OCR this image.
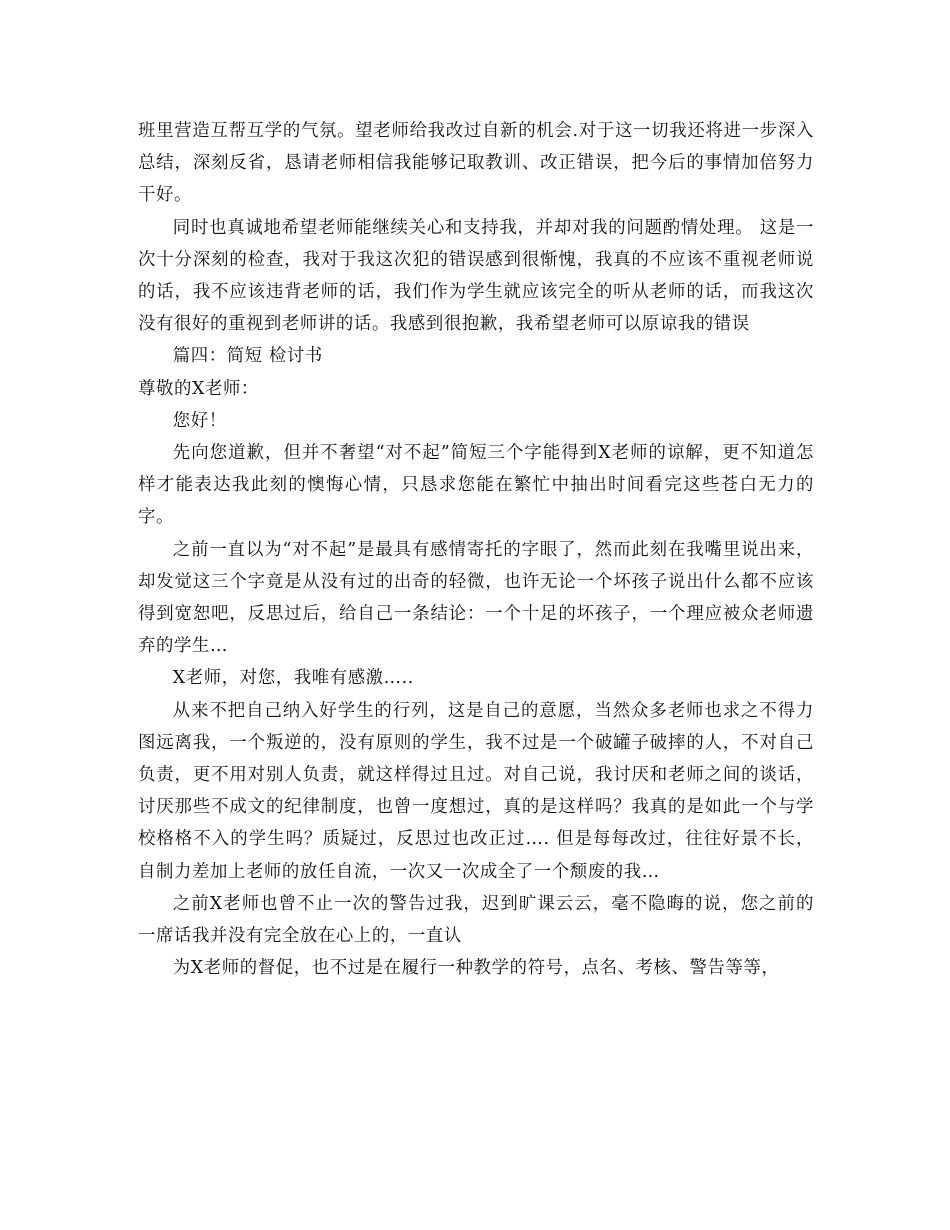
班里营造互帮互学的气氛。望老师给我改过自新的机会.对于这一切我还将进一步深入总结，深刻反省，恳请老师相信我能够记取教训、改正错误，把今后的事情加倍努力干好。

同时也真诚地希望老师能继续关心和支持我，并却对我的问题酌情处理。 这是一次十分深刻的检查，我对于我这次犯的错误感到很惭愧，我真的不应该不重视老师说的话，我不应该违背老师的话，我们作为学生就应该完全的听从老师的话，而我这次没有很好的重视到老师讲的话。我感到很抱歉，我希望老师可以原谅我的错误

篇四：简短 检讨书

尊敬的X老师：

您好！

先向您道歉，但并不奢望“对不起”简短三个字能得到X老师的谅解，更不知道怎样才能表达我此刻的懊悔心情，只恳求您能在繁忙中抽出时间看完这些苍白无力的字。

之前一直以为“对不起”是最具有感情寄托的字眼了，然而此刻在我嘴里说出来，却发觉这三个字竟是从没有过的出奇的轻微，也许无论一个坏孩子说出什么都不应该得到宽恕吧，反思过后，给自己一条结论：一个十足的坏孩子，一个理应被众老师遗弃的学生…

X老师，对您，我唯有感激…..

从来不把自己纳入好学生的行列，这是自己的意愿，当然众多老师也求之不得力图远离我，一个叛逆的，没有原则的学生，我不过是一个破罐子破摔的人，不对自己负责，更不用对别人负责，就这样得过且过。对自己说，我讨厌和老师之间的谈话，讨厌那些不成文的纪律制度，也曾一度想过，真的是这样吗？我真的是如此一个与学校格格不入的学生吗？质疑过，反思过也改正过…. 但是每每改过，往往好景不长，自制力差加上老师的放任自流，一次又一次成全了一个颓废的我…

之前X老师也曾不止一次的警告过我，迟到旷课云云，毫不隐晦的说，您之前的一席话我并没有完全放在心上的，一直认

为X老师的督促，也不过是在履行一种教学的符号，点名、考核、警告等等，
